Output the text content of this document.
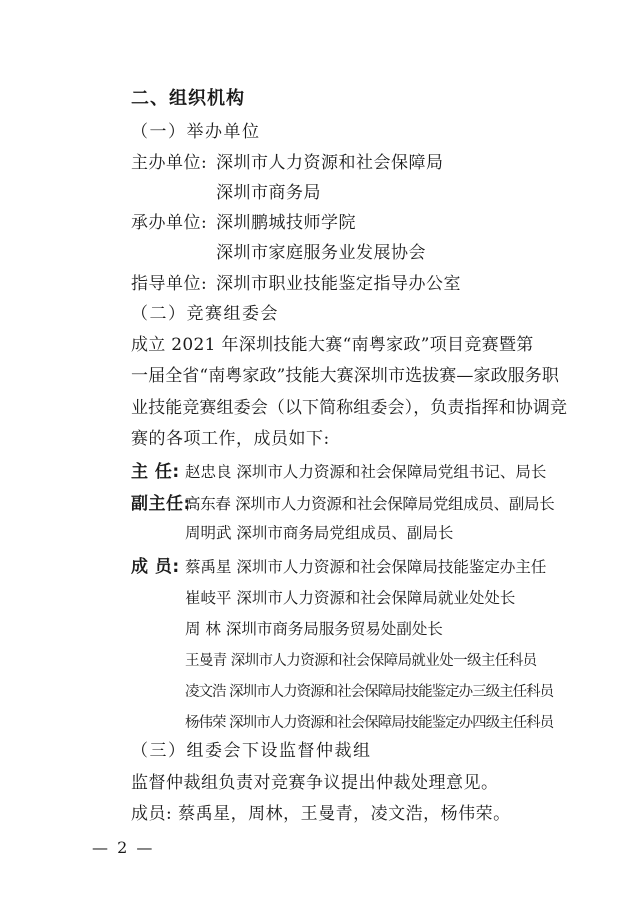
二、组织机构
（一）举办单位
主办单位: 深圳市人力资源和社会保障局
深圳市商务局
承办单位: 深圳鹏城技师学院
深圳市家庭服务业发展协会
指导单位: 深圳市职业技能鉴定指导办公室
（二）竞赛组委会
成立 2021 年深圳技能大赛“南粤家政”项目竞赛暨第
一届全省“南粤家政”技能大赛深圳市选拔赛—家政服务职
业技能竞赛组委会（以下简称组委会），负责指挥和协调竞
赛的各项工作，成员如下:
主 任: 赵忠良 深圳市人力资源和社会保障局党组书记、局长
副主任:
高东春 深圳市人力资源和社会保障局党组成员、副局长
周明武 深圳市商务局党组成员、副局长
成 员: 蔡禹星 深圳市人力资源和社会保障局技能鉴定办主任
崔岐平 深圳市人力资源和社会保障局就业处处长
周 林 深圳市商务局服务贸易处副处长
王曼青 深圳市人力资源和社会保障局就业处一级主任科员
凌文浩 深圳市人力资源和社会保障局技能鉴定办三级主任科员
杨伟荣 深圳市人力资源和社会保障局技能鉴定办四级主任科员
（三）组委会下设监督仲裁组
监督仲裁组负责对竞赛争议提出仲裁处理意见。
成员: 蔡禹星，周林，王曼青，凌文浩，杨伟荣。
— 2 —
